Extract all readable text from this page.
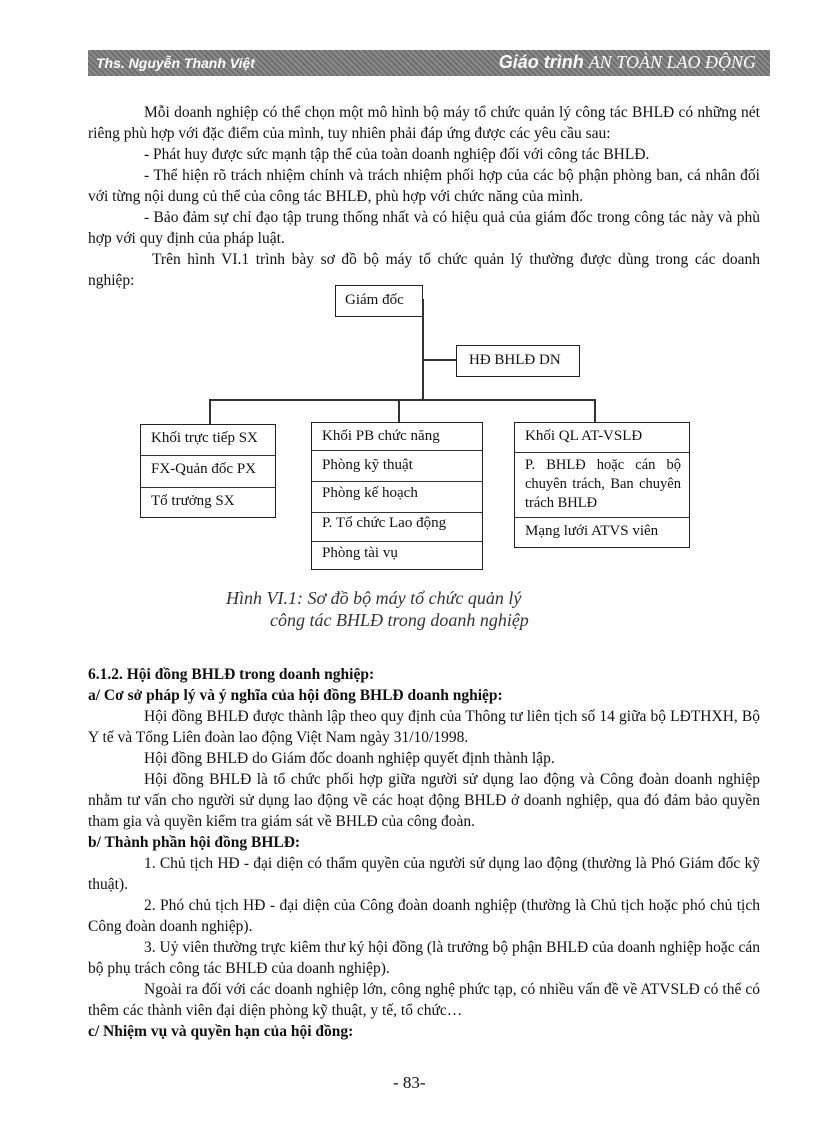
Ths. Nguyễn Thanh Việt	Giáo trình AN TOÀN LAO ĐỘNG

Mỗi doanh nghiệp có thể chọn một mô hình bộ máy tổ chức quản lý công tác BHLĐ có những nét riêng phù hợp với đặc điểm của mình, tuy nhiên phải đáp ứng được các yêu cầu sau:

- Phát huy được sức mạnh tập thể của toàn doanh nghiệp đối với công tác BHLĐ.

- Thể hiện rõ trách nhiệm chính và trách nhiệm phối hợp của các bộ phận phòng ban, cá nhân đối với từng nội dung củ thể của công tác BHLĐ, phù hợp với chức năng của mình.

- Bảo đảm sự chỉ đạo tập trung thống nhất và có hiệu quả của giám đốc trong công tác này và phù hợp với quy định của pháp luật.

Trên hình VI.1 trình bày sơ đồ bộ máy tổ chức quản lý thường được dùng trong các doanh nghiệp:

Giám đốc
HĐ BHLĐ DN
Khối trực tiếp SX
FX-Quản đốc PX
Tổ trưởng SX
Khối PB chức năng
Phòng kỹ thuật
Phòng kế hoạch
P. Tổ chức Lao động
Phòng tài vụ
Khối QL AT-VSLĐ
P. BHLĐ hoặc cán bộ chuyên trách, Ban chuyên trách BHLĐ
Mạng lưới ATVS viên
Hình VI.1: Sơ đồ bộ máy tổ chức quản lý
công tác BHLĐ trong doanh nghiệp

6.1.2. Hội đồng BHLĐ trong doanh nghiệp:

a/ Cơ sở pháp lý và ý nghĩa của hội đồng BHLĐ doanh nghiệp:

Hội đồng BHLĐ được thành lập theo quy định của Thông tư liên tịch số 14 giữa bộ LĐTHXH, Bộ Y tế và Tổng Liên đoàn lao động Việt Nam ngày 31/10/1998.

Hội đồng BHLĐ do Giám đốc doanh nghiệp quyết định thành lập.

Hội đồng BHLĐ là tổ chức phối hợp giữa người sử dụng lao động và Công đoàn doanh nghiệp nhằm tư vấn cho người sử dụng lao động về các hoạt động BHLĐ ở doanh nghiệp, qua đó đảm bảo quyền tham gia và quyền kiểm tra giám sát về BHLĐ của công đoàn.

b/ Thành phần hội đồng BHLĐ:

1. Chủ tịch HĐ - đại diện có thẩm quyền của người sử dụng lao động (thường là Phó Giám đốc kỹ thuật).

2. Phó chủ tịch HĐ - đại diện của Công đoàn doanh nghiệp (thường là Chủ tịch hoặc phó chủ tịch Công đoàn doanh nghiệp).

3. Uỷ viên thường trực kiêm thư ký hội đồng (là trưởng bộ phận BHLĐ của doanh nghiệp hoặc cán bộ phụ trách công tác BHLĐ của doanh nghiệp).

Ngoài ra đối với các doanh nghiệp lớn, công nghệ phức tạp, có nhiều vấn đề về ATVSLĐ có thể có thêm các thành viên đại diện phòng kỹ thuật, y tế, tổ chức…

c/ Nhiệm vụ và quyền hạn của hội đồng:

- 83-
